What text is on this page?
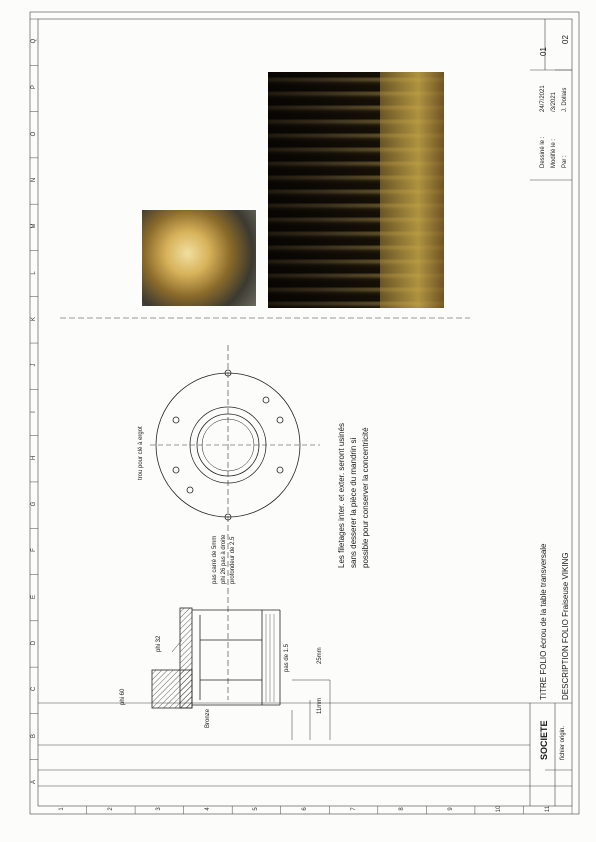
A
B
C
D
E
F
G
H
I
J
K
L
M
N
O
P
Q
1	2	3	4	5	6	7	8	9	10	11
phi 60
phi 32
Bronze
pas de 1.5	25mm
11mm
pas carré de 5mm phi 26 pas à droite profondeur de 2.5
trou pour clé à ergot	Les filetages inter. et exter. seront usinés sans desserer la pièce du mandrin si possible pour conserver la concentricité
SOCIETE fichier origin.
TITRE FOLIO écrou de la table transversale DESCRIPTION FOLIO Fraiseuse VIKING
Dessiné le :
24/7/2021
Modifié le :
/3/2021
Par :
J. Dollais
01
02
